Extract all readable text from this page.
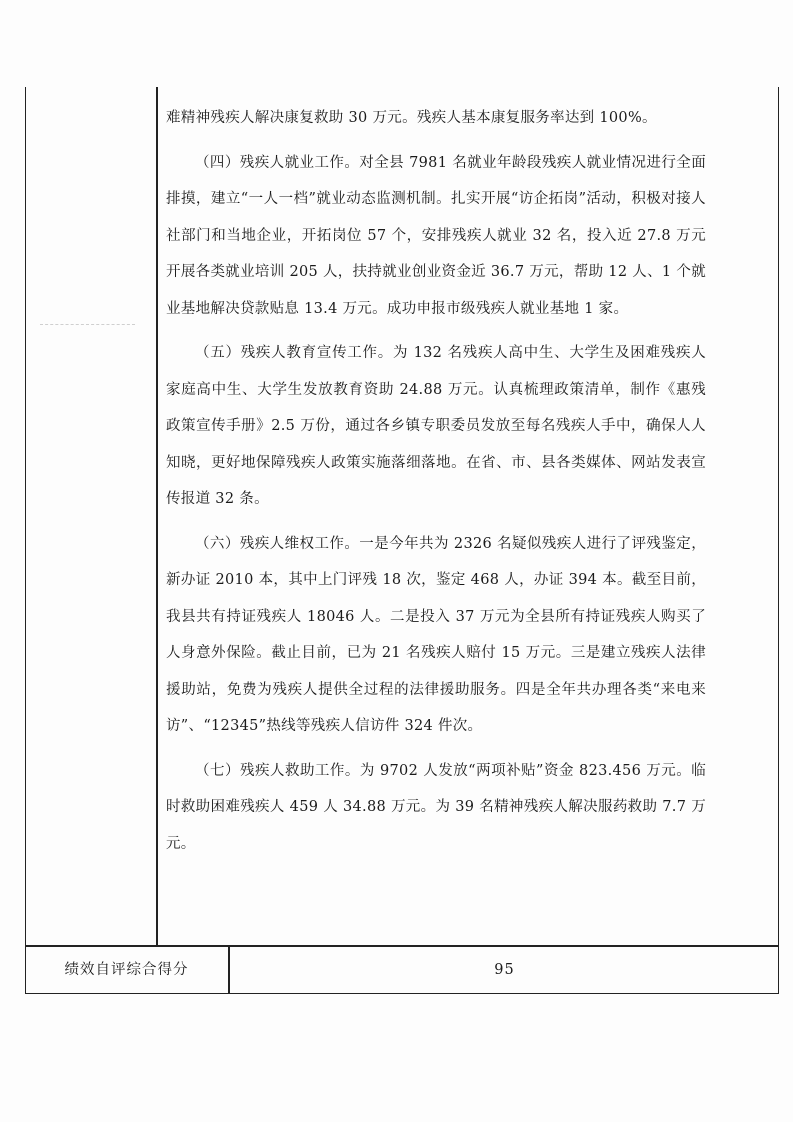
难精神残疾人解决康复救助 30 万元。残疾人基本康复服务率达到 100%。

（四）残疾人就业工作。对全县 7981 名就业年龄段残疾人就业情况进行全面排摸，建立“一人一档”就业动态监测机制。扎实开展“访企拓岗”活动，积极对接人社部门和当地企业，开拓岗位 57 个，安排残疾人就业 32 名，投入近 27.8 万元开展各类就业培训 205 人，扶持就业创业资金近 36.7 万元，帮助 12 人、1 个就业基地解决贷款贴息 13.4 万元。成功申报市级残疾人就业基地 1 家。

（五）残疾人教育宣传工作。为 132 名残疾人高中生、大学生及困难残疾人家庭高中生、大学生发放教育资助 24.88 万元。认真梳理政策清单，制作《惠残政策宣传手册》2.5 万份，通过各乡镇专职委员发放至每名残疾人手中，确保人人知晓，更好地保障残疾人政策实施落细落地。在省、市、县各类媒体、网站发表宣传报道 32 条。

（六）残疾人维权工作。一是今年共为 2326 名疑似残疾人进行了评残鉴定，新办证 2010 本，其中上门评残 18 次，鉴定 468 人，办证 394 本。截至目前，我县共有持证残疾人 18046 人。二是投入 37 万元为全县所有持证残疾人购买了人身意外保险。截止目前，已为 21 名残疾人赔付 15 万元。三是建立残疾人法律援助站，免费为残疾人提供全过程的法律援助服务。四是全年共办理各类“来电来访”、“12345”热线等残疾人信访件 324 件次。

（七）残疾人救助工作。为 9702 人发放“两项补贴”资金 823.456 万元。临时救助困难残疾人 459 人 34.88 万元。为 39 名精神残疾人解决服药救助 7.7 万元。

绩效自评综合得分	95
